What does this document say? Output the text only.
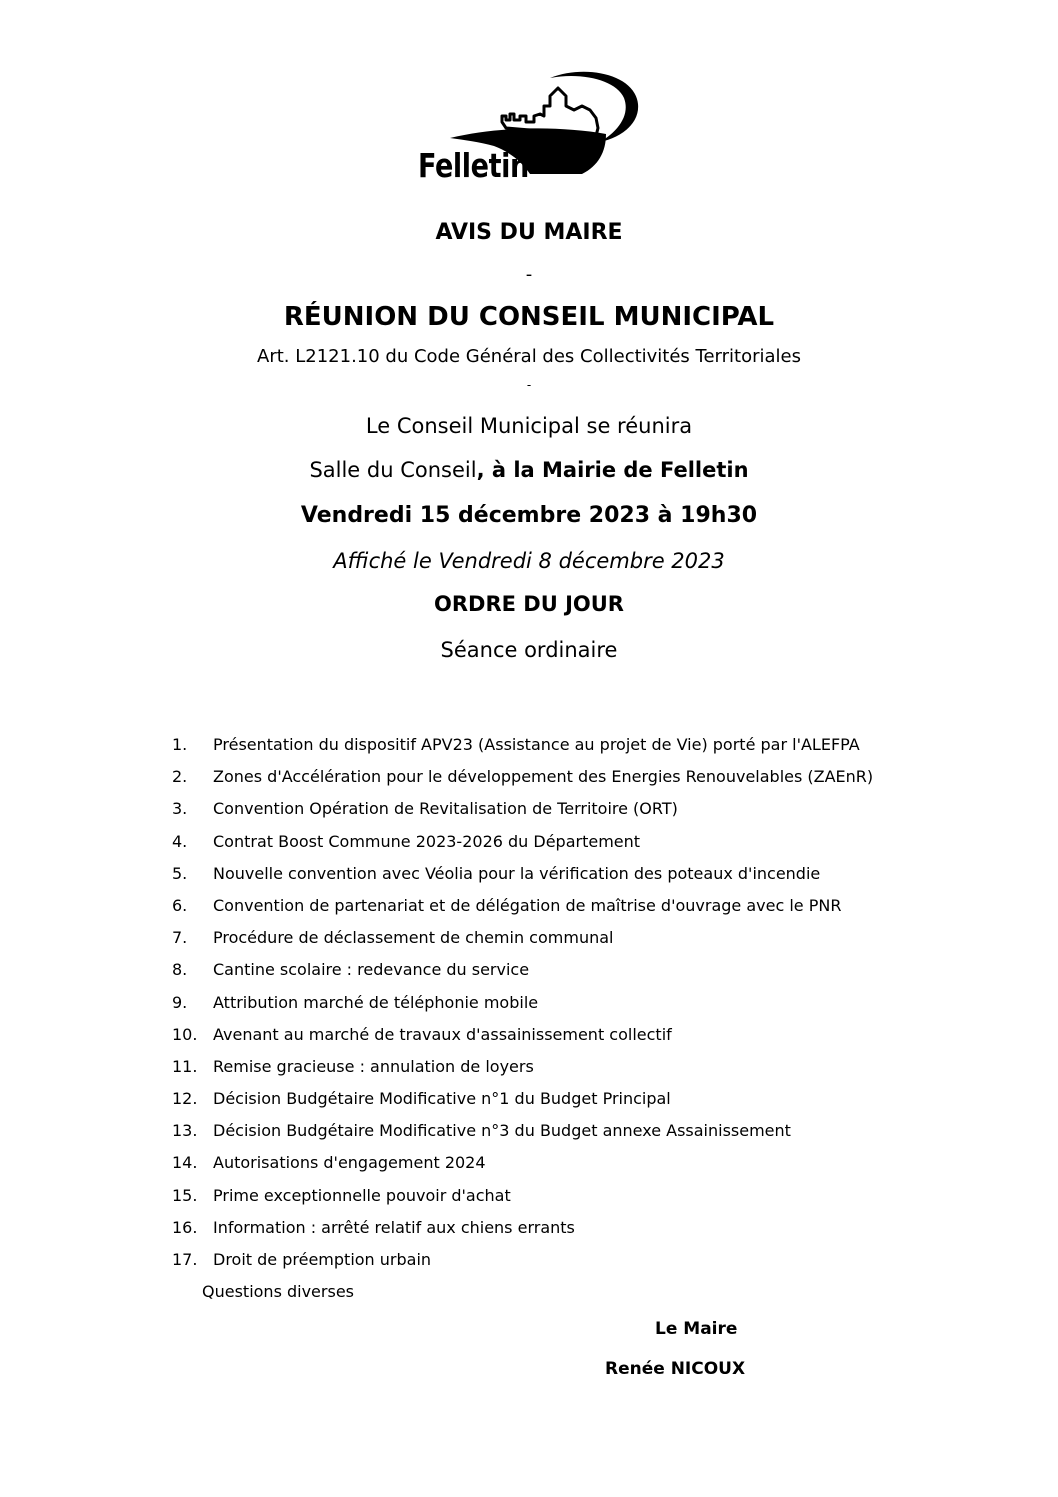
Felletin
AVIS DU MAIRE
-
RÉUNION DU CONSEIL MUNICIPAL
Art. L2121.10 du Code Général des Collectivités Territoriales
-
Le Conseil Municipal se réunira
Salle du Conseil, à la Mairie de Felletin
Vendredi 15 décembre 2023 à 19h30
Affiché le Vendredi 8 décembre 2023
ORDRE DU JOUR
Séance ordinaire
1. Présentation du dispositif APV23 (Assistance au projet de Vie) porté par l'ALEFPA
2. Zones d'Accélération pour le développement des Energies Renouvelables (ZAEnR)
3. Convention Opération de Revitalisation de Territoire (ORT)
4. Contrat Boost Commune 2023-2026 du Département
5. Nouvelle convention avec Véolia pour la vérification des poteaux d'incendie
6. Convention de partenariat et de délégation de maîtrise d'ouvrage avec le PNR
7. Procédure de déclassement de chemin communal
8. Cantine scolaire : redevance du service
9. Attribution marché de téléphonie mobile
10. Avenant au marché de travaux d'assainissement collectif
11. Remise gracieuse : annulation de loyers
12. Décision Budgétaire Modificative n°1 du Budget Principal
13. Décision Budgétaire Modificative n°3 du Budget annexe Assainissement
14. Autorisations d'engagement 2024
15. Prime exceptionnelle pouvoir d'achat
16. Information : arrêté relatif aux chiens errants
17. Droit de préemption urbain
Questions diverses
Le Maire
Renée NICOUX
